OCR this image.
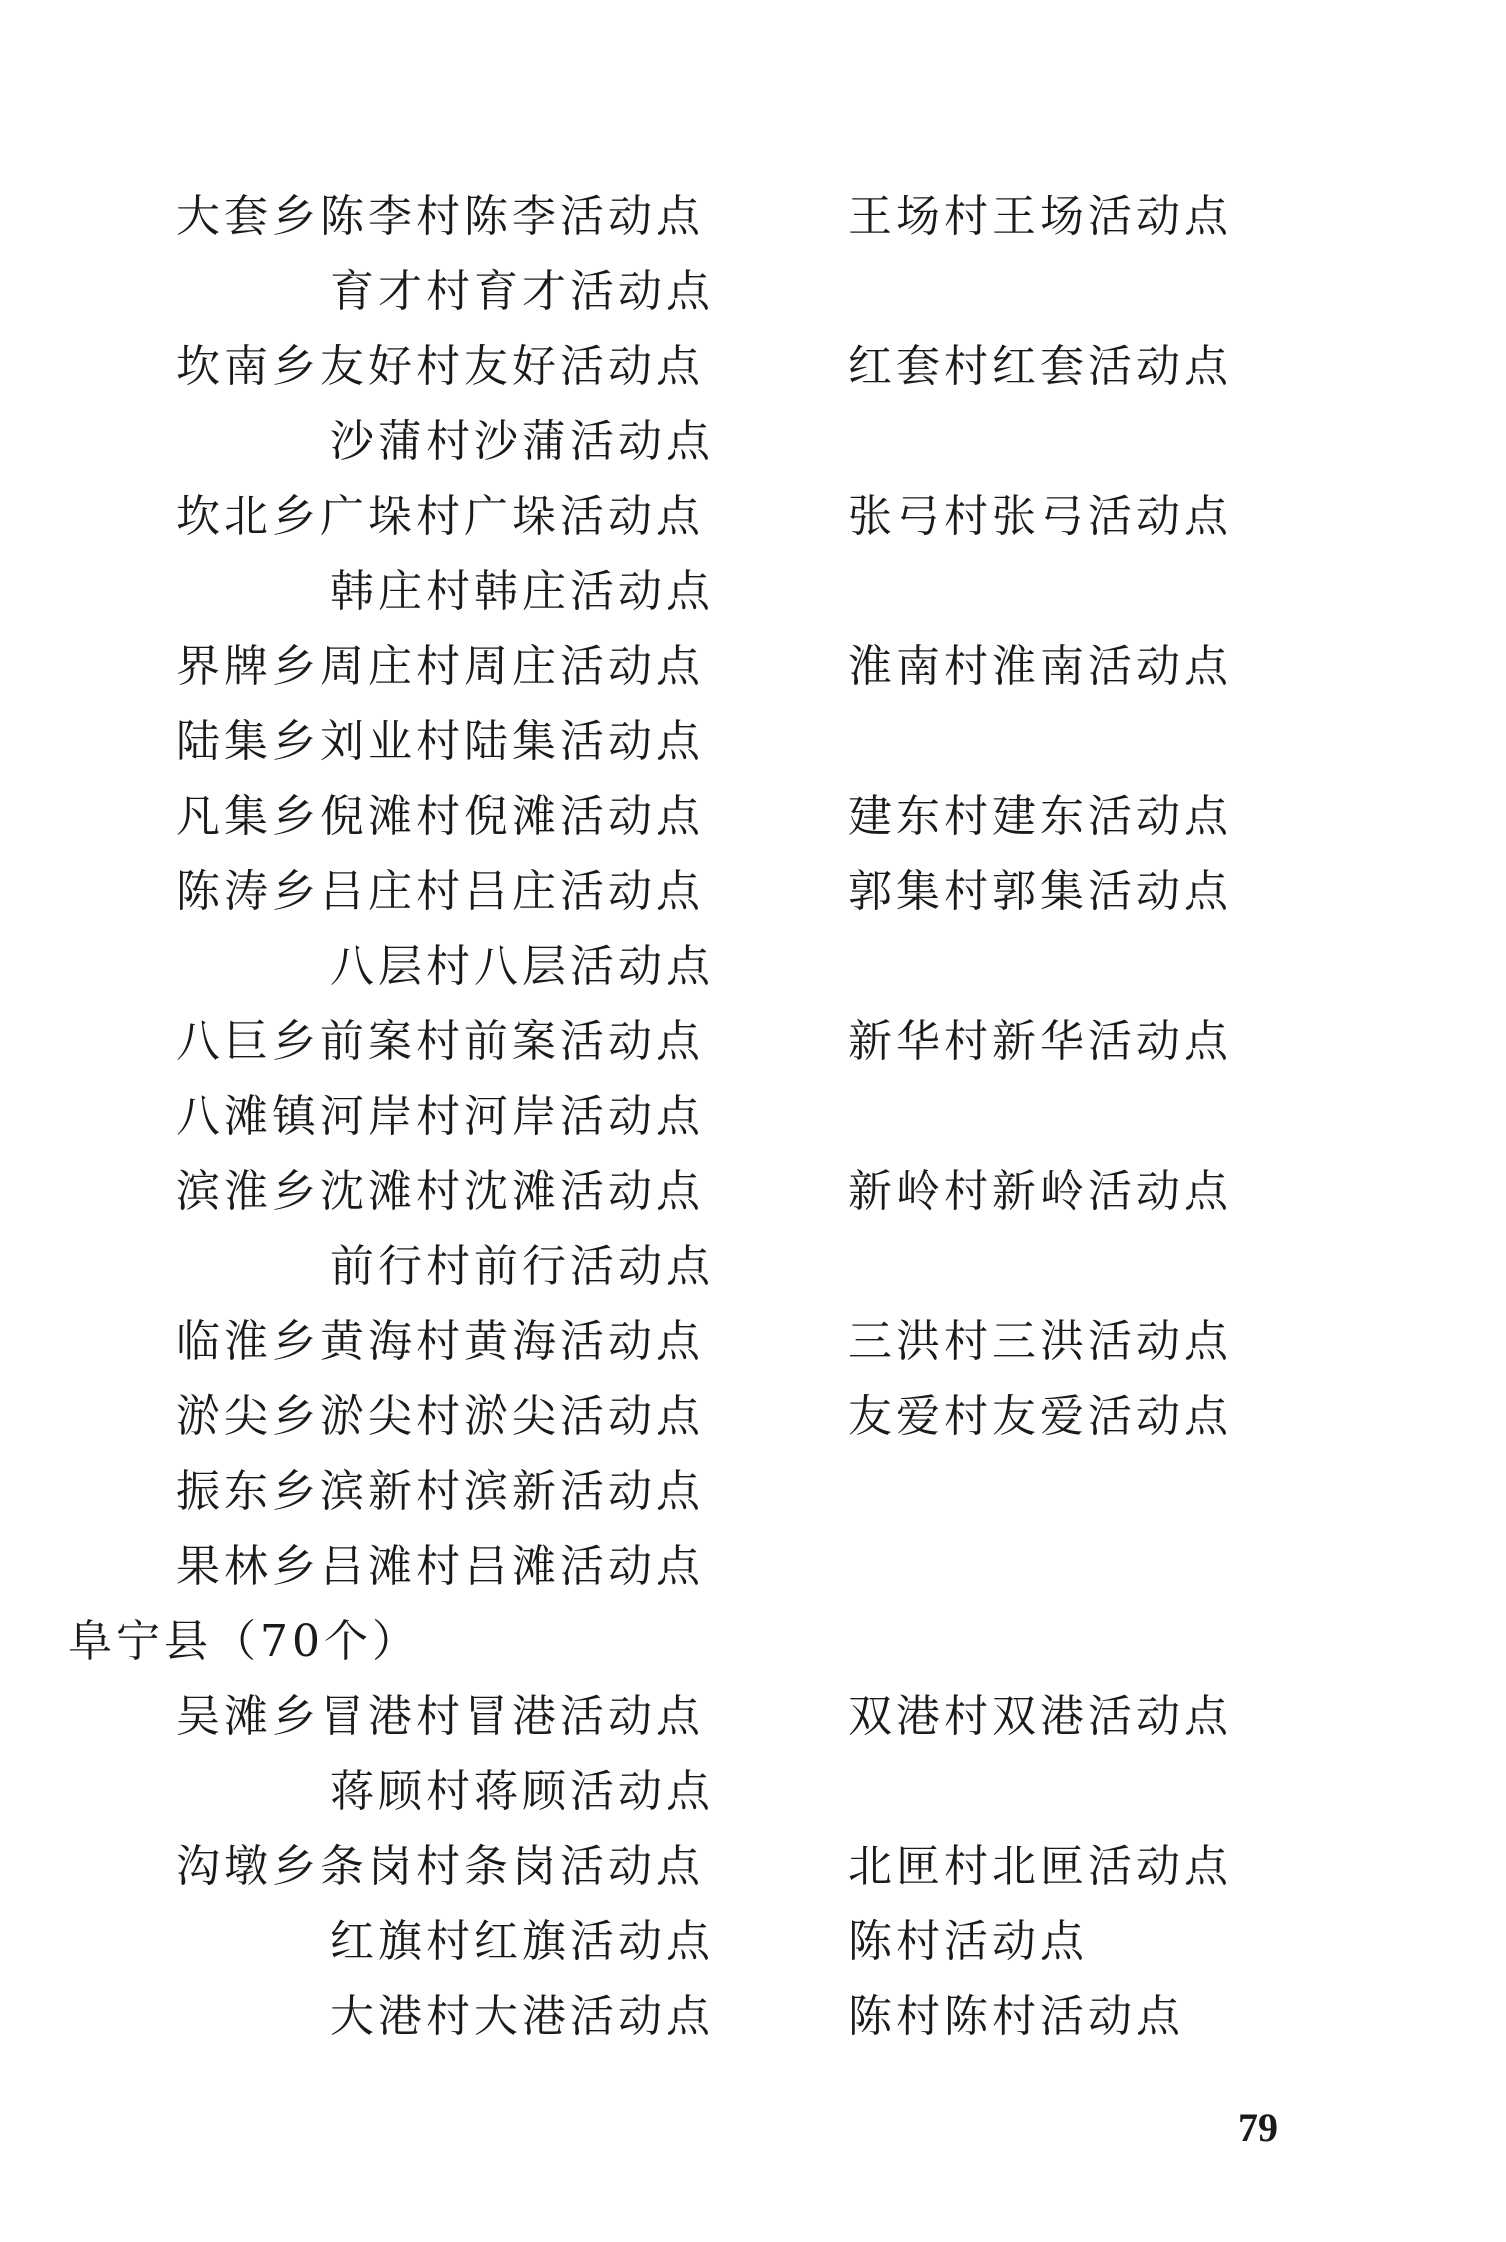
大套乡陈李村陈李活动点
育才村育才活动点
坎南乡友好村友好活动点
沙蒲村沙蒲活动点
坎北乡广垛村广垛活动点
韩庄村韩庄活动点
界牌乡周庄村周庄活动点
陆集乡刘业村陆集活动点
凡集乡倪滩村倪滩活动点
陈涛乡吕庄村吕庄活动点
八层村八层活动点
八巨乡前案村前案活动点
八滩镇河岸村河岸活动点
滨淮乡沈滩村沈滩活动点
前行村前行活动点
临淮乡黄海村黄海活动点
淤尖乡淤尖村淤尖活动点
振东乡滨新村滨新活动点
果林乡吕滩村吕滩活动点
王场村王场活动点
红套村红套活动点
张弓村张弓活动点
淮南村淮南活动点
建东村建东活动点
郭集村郭集活动点
新华村新华活动点
新岭村新岭活动点
三洪村三洪活动点
友爱村友爱活动点
阜宁县（70个）
79
吴滩乡冒港村冒港活动点
蒋顾村蒋顾活动点
沟墩乡条岗村条岗活动点
红旗村红旗活动点
大港村大港活动点
双港村双港活动点
北匣村北匣活动点
陈村活动点
陈村陈村活动点
